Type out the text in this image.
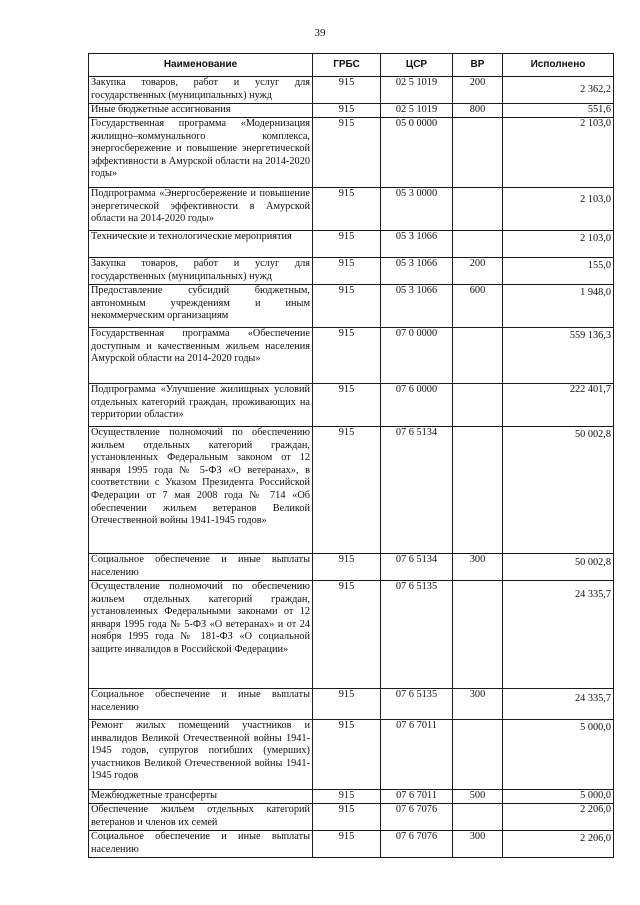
39
Наименование	ГРБС	ЦСР	ВР	Исполнено
Закупка товаров, работ и услуг для государственных (муниципальных) нужд	915	02 5 1019	200	2 362,2
Иные бюджетные ассигнования	915	02 5 1019	800	551,6
Государственная программа «Модернизация жилищно–коммунального комплекса, энергосбережение и повышение энергетической эффективности в Амурской области на 2014-2020 годы»	915	05 0 0000		2 103,0
Подпрограмма «Энергосбережение и повышение энергетической эффективности в Амурской области на 2014-2020 годы»	915	05 3 0000		2 103,0
Технические и технологические мероприятия	915	05 3 1066		2 103,0
Закупка товаров, работ и услуг для государственных (муниципальных) нужд	915	05 3 1066	200	155,0
Предоставление субсидий бюджетным, автономным учреждениям и иным некоммерческим организациям	915	05 3 1066	600	1 948,0
Государственная программа «Обеспечение доступным и качественным жильем населения Амурской области на 2014-2020 годы»	915	07 0 0000		559 136,3
Подпрограмма «Улучшение жилищных условий отдельных категорий граждан, проживающих на территории области»	915	07 6 0000		222 401,7
Осуществление полномочий по обеспечению жильем отдельных категорий граждан, установленных Федеральным законом от 12 января 1995 года № 5-ФЗ «О ветеранах», в соответствии с Указом Президента Российской Федерации от 7 мая 2008 года № 714 «Об обеспечении жильем ветеранов Великой Отечественной войны 1941-1945 годов»	915	07 6 5134		50 002,8
Социальное обеспечение и иные выплаты населению	915	07 6 5134	300	50 002,8
Осуществление полномочий по обеспечению жильем отдельных категорий граждан, установленных Федеральными законами от 12 января 1995 года № 5-ФЗ «О ветеранах» и от 24 ноября 1995 года № 181-ФЗ «О социальной защите инвалидов в Российской Федерации»	915	07 6 5135		24 335,7
Социальное обеспечение и иные выплаты населению	915	07 6 5135	300	24 335,7
Ремонт жилых помещений участников и инвалидов Великой Отечественной войны 1941-1945 годов, супругов погибших (умерших) участников Великой Отечественной войны 1941-1945 годов	915	07 6 7011		5 000,0
Межбюджетные трансферты	915	07 6 7011	500	5 000,0
Обеспечение жильем отдельных категорий ветеранов и членов их семей	915	07 6 7076		2 206,0
Социальное обеспечение и иные выплаты населению	915	07 6 7076	300	2 206,0
